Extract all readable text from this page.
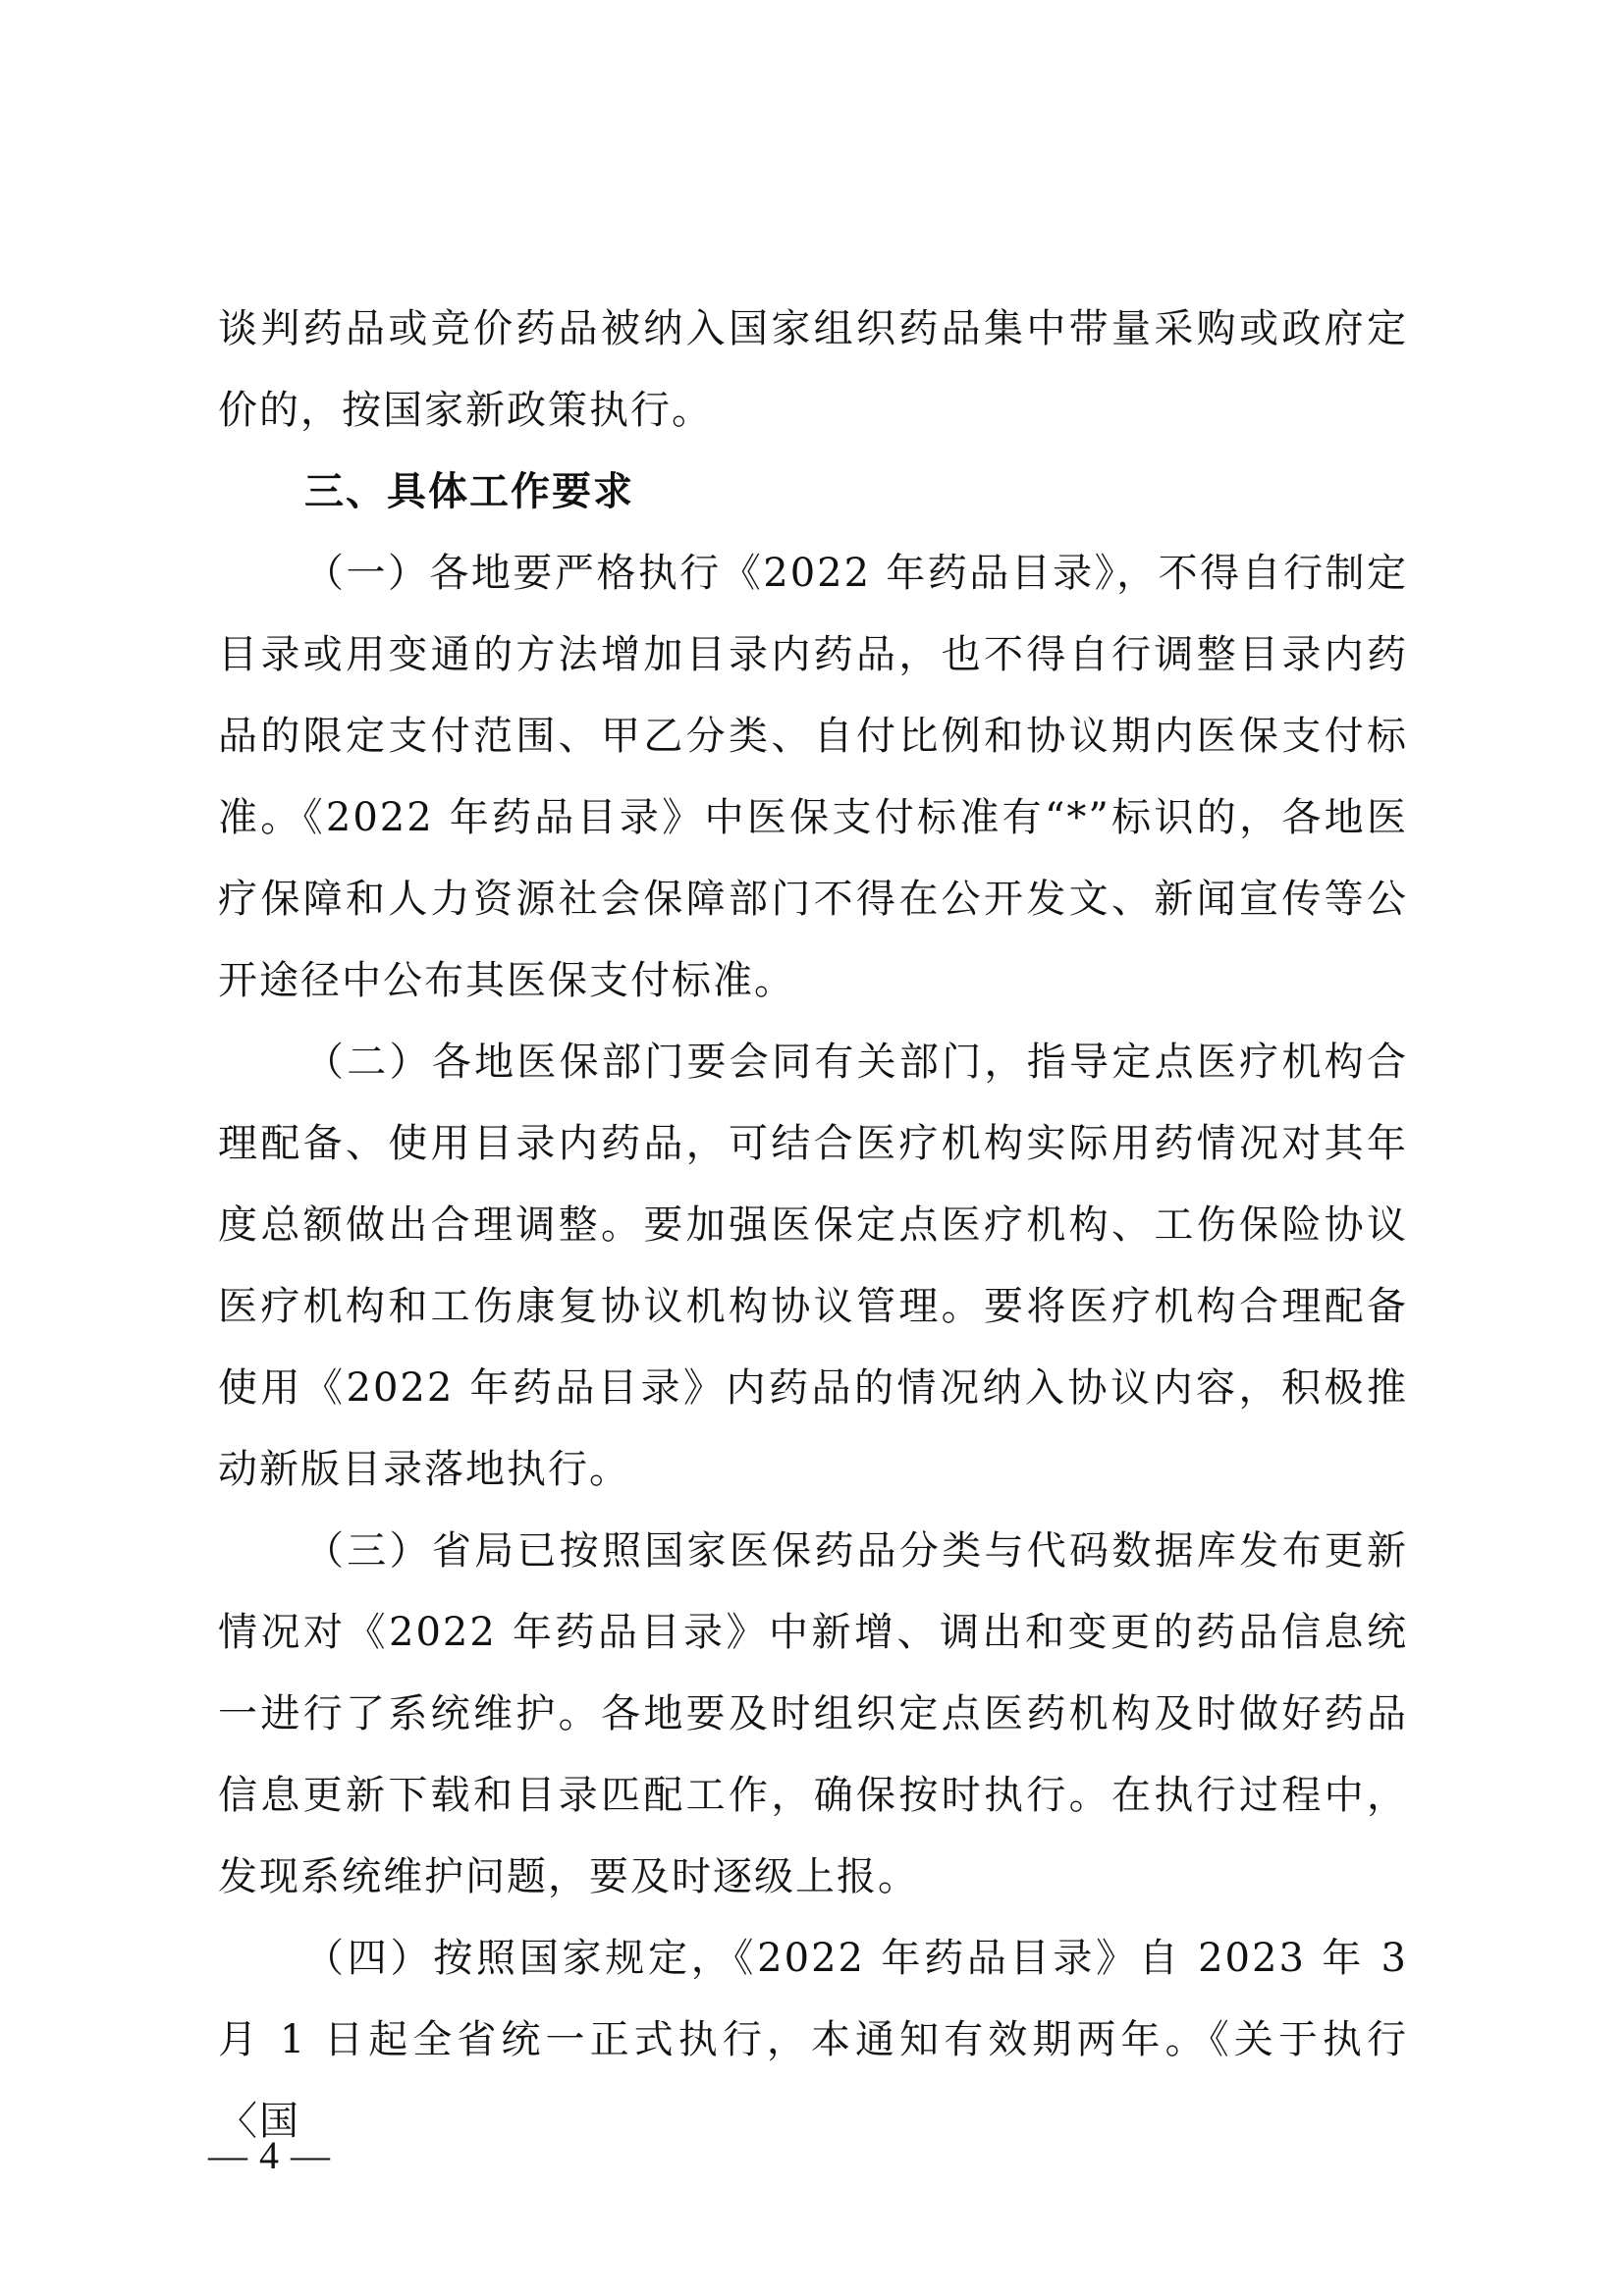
谈判药品或竞价药品被纳入国家组织药品集中带量采购或政府定价的，按国家新政策执行。

三、具体工作要求

（一）各地要严格执行《2022 年药品目录》，不得自行制定目录或用变通的方法增加目录内药品，也不得自行调整目录内药品的限定支付范围、甲乙分类、自付比例和协议期内医保支付标准。《2022 年药品目录》中医保支付标准有“*”标识的，各地医疗保障和人力资源社会保障部门不得在公开发文、新闻宣传等公开途径中公布其医保支付标准。

（二）各地医保部门要会同有关部门，指导定点医疗机构合理配备、使用目录内药品，可结合医疗机构实际用药情况对其年度总额做出合理调整。要加强医保定点医疗机构、工伤保险协议医疗机构和工伤康复协议机构协议管理。要将医疗机构合理配备使用《2022 年药品目录》内药品的情况纳入协议内容，积极推动新版目录落地执行。

（三）省局已按照国家医保药品分类与代码数据库发布更新情况对《2022 年药品目录》中新增、调出和变更的药品信息统一进行了系统维护。各地要及时组织定点医药机构及时做好药品信息更新下载和目录匹配工作，确保按时执行。在执行过程中，发现系统维护问题，要及时逐级上报。

（四）按照国家规定，《2022 年药品目录》自 2023 年 3 月 1 日起全省统一正式执行，本通知有效期两年。《关于执行〈国

— 4 —
